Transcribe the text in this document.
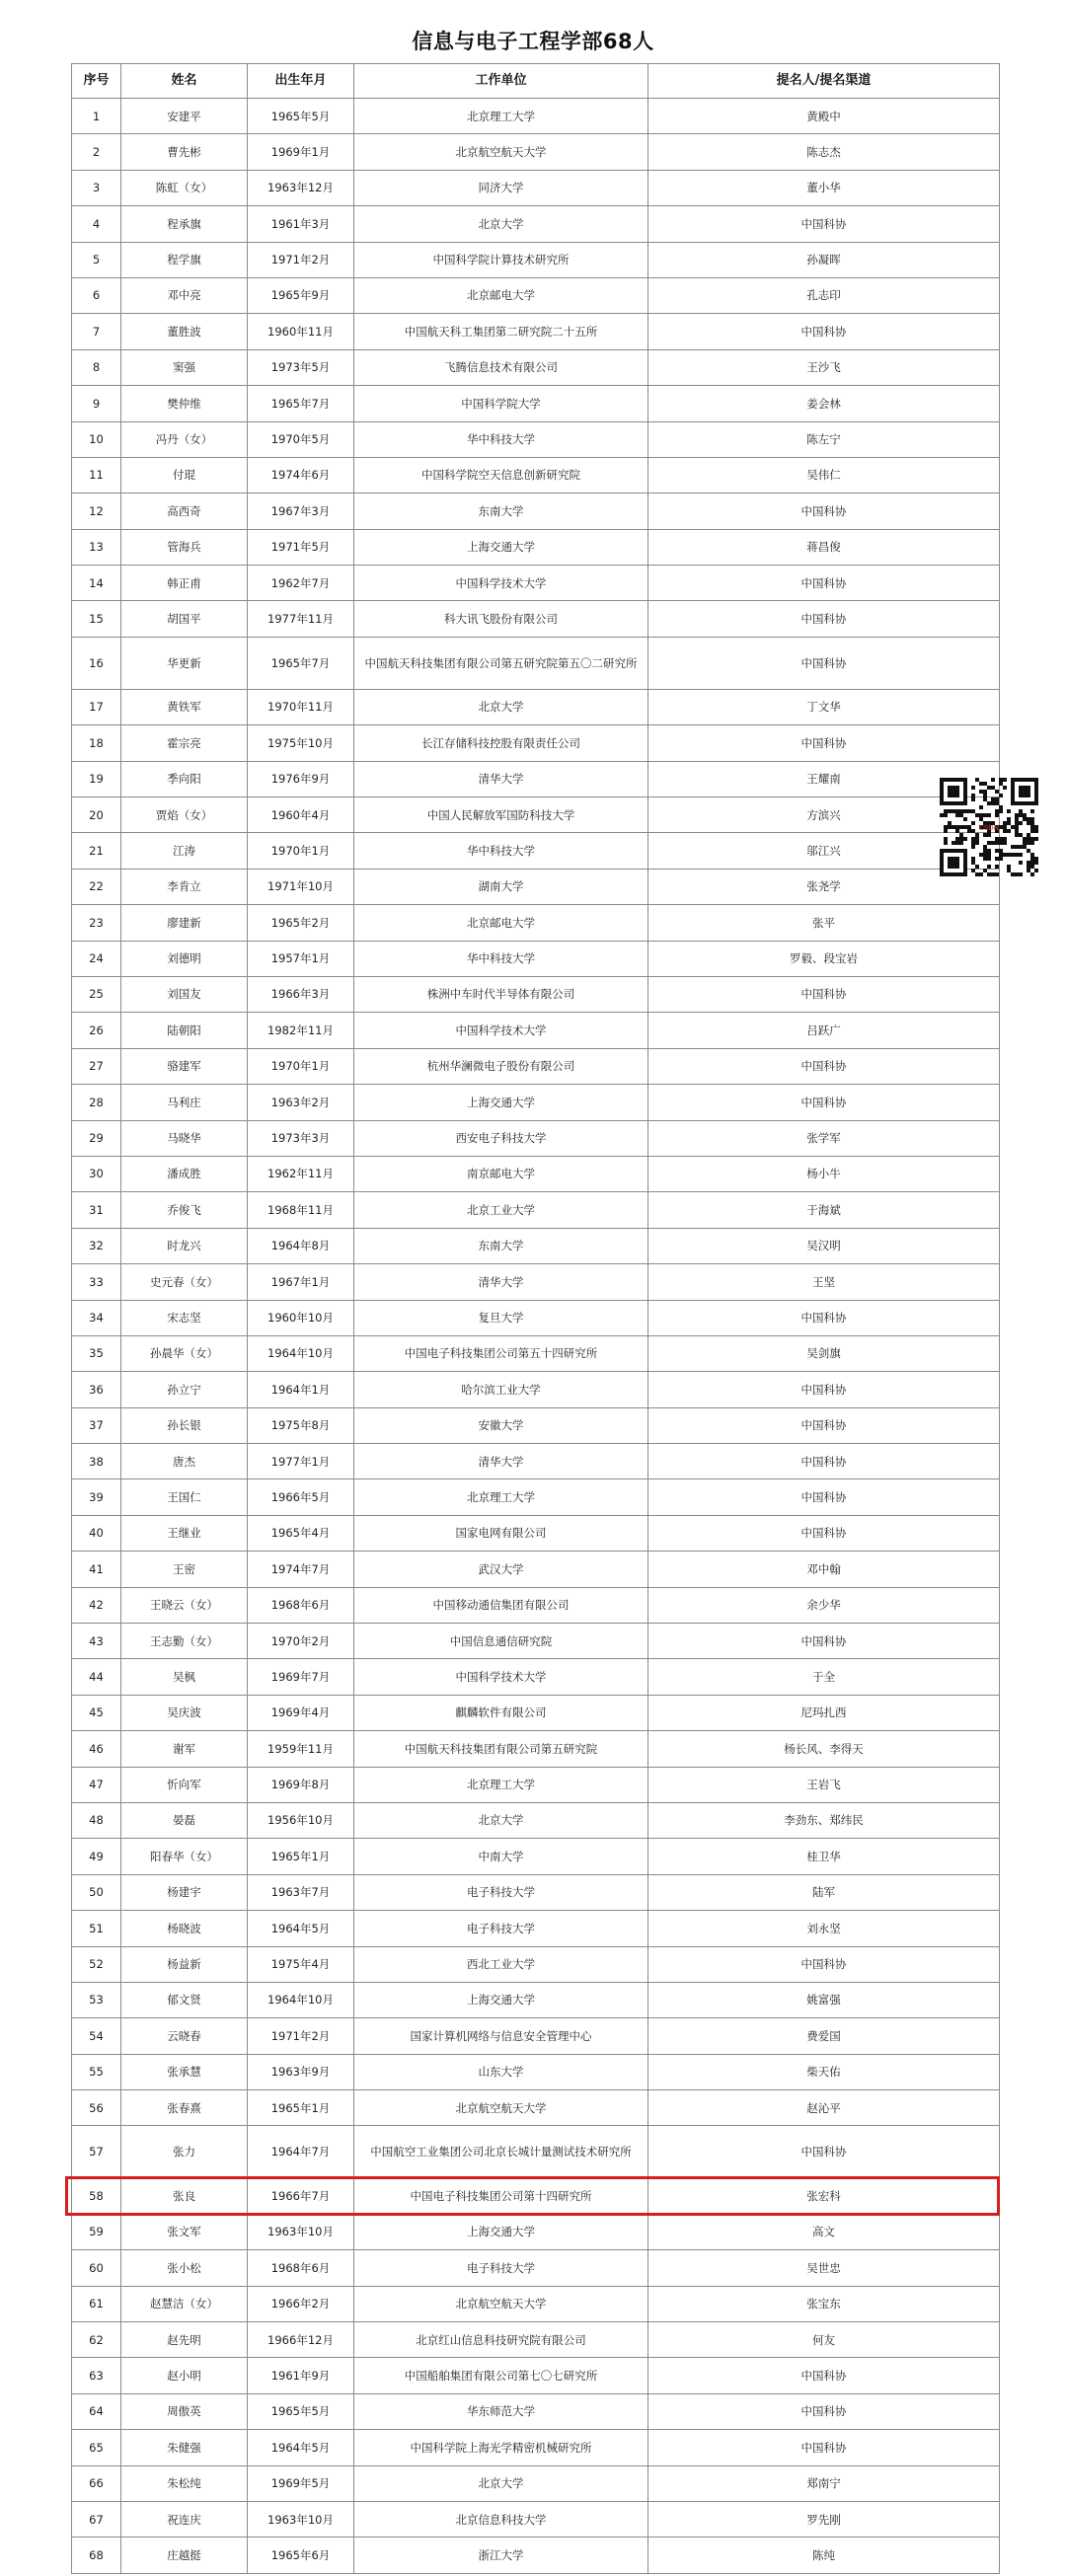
信息与电子工程学部68人
序号	姓名	出生年月	工作单位	提名人/提名渠道
1	安建平	1965年5月	北京理工大学	黄殿中
2	曹先彬	1969年1月	北京航空航天大学	陈志杰
3	陈虹（女）	1963年12月	同济大学	董小华
4	程承旗	1961年3月	北京大学	中国科协
5	程学旗	1971年2月	中国科学院计算技术研究所	孙凝晖
6	邓中亮	1965年9月	北京邮电大学	孔志印
7	董胜波	1960年11月	中国航天科工集团第二研究院二十五所	中国科协
8	窦强	1973年5月	飞腾信息技术有限公司	王沙飞
9	樊仲维	1965年7月	中国科学院大学	姜会林
10	冯丹（女）	1970年5月	华中科技大学	陈左宁
11	付琨	1974年6月	中国科学院空天信息创新研究院	吴伟仁
12	高西奇	1967年3月	东南大学	中国科协
13	管海兵	1971年5月	上海交通大学	蒋昌俊
14	韩正甫	1962年7月	中国科学技术大学	中国科协
15	胡国平	1977年11月	科大讯飞股份有限公司	中国科协
16	华更新	1965年7月	中国航天科技集团有限公司第五研究院第五〇二研究所	中国科协
17	黄铁军	1970年11月	北京大学	丁文华
18	霍宗亮	1975年10月	长江存储科技控股有限责任公司	中国科协
19	季向阳	1976年9月	清华大学	王耀南
20	贾焰（女）	1960年4月	中国人民解放军国防科技大学	方滨兴
21	江涛	1970年1月	华中科技大学	邬江兴
22	李肯立	1971年10月	湖南大学	张尧学
23	廖建新	1965年2月	北京邮电大学	张平
24	刘德明	1957年1月	华中科技大学	罗毅、段宝岩
25	刘国友	1966年3月	株洲中车时代半导体有限公司	中国科协
26	陆朝阳	1982年11月	中国科学技术大学	吕跃广
27	骆建军	1970年1月	杭州华澜微电子股份有限公司	中国科协
28	马利庄	1963年2月	上海交通大学	中国科协
29	马晓华	1973年3月	西安电子科技大学	张学军
30	潘成胜	1962年11月	南京邮电大学	杨小牛
31	乔俊飞	1968年11月	北京工业大学	于海斌
32	时龙兴	1964年8月	东南大学	吴汉明
33	史元春（女）	1967年1月	清华大学	王坚
34	宋志坚	1960年10月	复旦大学	中国科协
35	孙晨华（女）	1964年10月	中国电子科技集团公司第五十四研究所	吴剑旗
36	孙立宁	1964年1月	哈尔滨工业大学	中国科协
37	孙长银	1975年8月	安徽大学	中国科协
38	唐杰	1977年1月	清华大学	中国科协
39	王国仁	1966年5月	北京理工大学	中国科协
40	王继业	1965年4月	国家电网有限公司	中国科协
41	王密	1974年7月	武汉大学	邓中翰
42	王晓云（女）	1968年6月	中国移动通信集团有限公司	余少华
43	王志勤（女）	1970年2月	中国信息通信研究院	中国科协
44	吴枫	1969年7月	中国科学技术大学	于全
45	吴庆波	1969年4月	麒麟软件有限公司	尼玛扎西
46	谢军	1959年11月	中国航天科技集团有限公司第五研究院	杨长风、李得天
47	忻向军	1969年8月	北京理工大学	王岩飞
48	晏磊	1956年10月	北京大学	李劲东、郑纬民
49	阳春华（女）	1965年1月	中南大学	桂卫华
50	杨建宇	1963年7月	电子科技大学	陆军
51	杨晓波	1964年5月	电子科技大学	刘永坚
52	杨益新	1975年4月	西北工业大学	中国科协
53	郁文贤	1964年10月	上海交通大学	姚富强
54	云晓春	1971年2月	国家计算机网络与信息安全管理中心	费爱国
55	张承慧	1963年9月	山东大学	柴天佑
56	张春熹	1965年1月	北京航空航天大学	赵沁平
57	张力	1964年7月	中国航空工业集团公司北京长城计量测试技术研究所	中国科协
58	张良	1966年7月	中国电子科技集团公司第十四研究所	张宏科
59	张文军	1963年10月	上海交通大学	高文
60	张小松	1968年6月	电子科技大学	吴世忠
61	赵慧洁（女）	1966年2月	北京航空航天大学	张宝东
62	赵先明	1966年12月	北京红山信息科技研究院有限公司	何友
63	赵小明	1961年9月	中国船舶集团有限公司第七〇七研究所	中国科协
64	周傲英	1965年5月	华东师范大学	中国科协
65	朱健强	1964年5月	中国科学院上海光学精密机械研究所	中国科协
66	朱松纯	1969年5月	北京大学	郑南宁
67	祝连庆	1963年10月	北京信息科技大学	罗先刚
68	庄越挺	1965年6月	浙江大学	陈纯
CSDN
